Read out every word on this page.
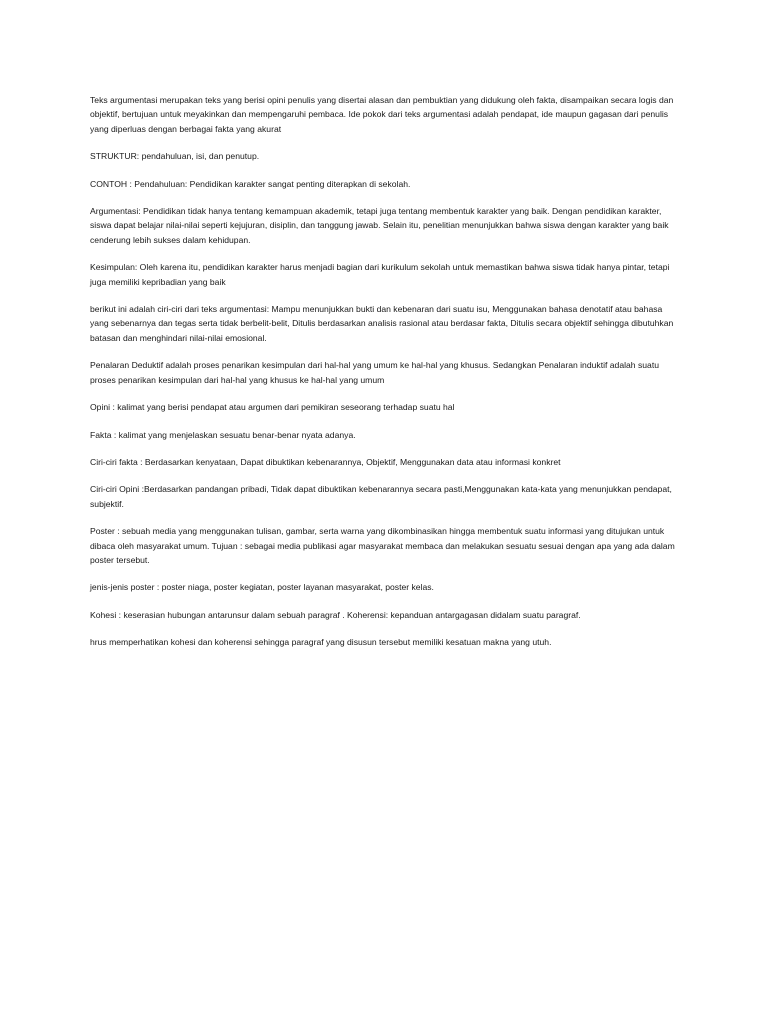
Teks argumentasi merupakan teks yang berisi opini penulis yang disertai alasan dan pembuktian yang didukung oleh fakta, disampaikan secara logis dan objektif, bertujuan untuk meyakinkan dan mempengaruhi pembaca. Ide pokok dari teks argumentasi adalah pendapat, ide maupun gagasan dari penulis yang diperluas dengan berbagai fakta yang akurat

STRUKTUR: pendahuluan, isi, dan penutup.

CONTOH : Pendahuluan: Pendidikan karakter sangat penting diterapkan di sekolah.

Argumentasi: Pendidikan tidak hanya tentang kemampuan akademik, tetapi juga tentang membentuk karakter yang baik. Dengan pendidikan karakter, siswa dapat belajar nilai-nilai seperti kejujuran, disiplin, dan tanggung jawab. Selain itu, penelitian menunjukkan bahwa siswa dengan karakter yang baik cenderung lebih sukses dalam kehidupan.

Kesimpulan: Oleh karena itu, pendidikan karakter harus menjadi bagian dari kurikulum sekolah untuk memastikan bahwa siswa tidak hanya pintar, tetapi juga memiliki kepribadian yang baik

berikut ini adalah ciri-ciri dari teks argumentasi: Mampu menunjukkan bukti dan kebenaran dari suatu isu, Menggunakan bahasa denotatif atau bahasa yang sebenarnya dan tegas serta tidak berbelit-belit, Ditulis berdasarkan analisis rasional atau berdasar fakta, Ditulis secara objektif sehingga dibutuhkan batasan dan menghindari nilai-nilai emosional.

Penalaran Deduktif adalah proses penarikan kesimpulan dari hal-hal yang umum ke hal-hal yang khusus. Sedangkan Penalaran induktif adalah suatu proses penarikan kesimpulan dari hal-hal yang khusus ke hal-hal yang umum

Opini : kalimat yang berisi pendapat atau argumen dari pemikiran seseorang terhadap suatu hal

Fakta : kalimat yang menjelaskan sesuatu benar-benar nyata adanya.

Ciri-ciri fakta : Berdasarkan kenyataan, Dapat dibuktikan kebenarannya, Objektif, Menggunakan data atau informasi konkret

Ciri-ciri Opini :Berdasarkan pandangan pribadi, Tidak dapat dibuktikan kebenarannya secara pasti,Menggunakan kata-kata yang menunjukkan pendapat, subjektif.

Poster : sebuah media yang menggunakan tulisan, gambar, serta warna yang dikombinasikan hingga membentuk suatu informasi yang ditujukan untuk dibaca oleh masyarakat umum. Tujuan : sebagai media publikasi agar masyarakat membaca dan melakukan sesuatu sesuai dengan apa yang ada dalam poster tersebut.

jenis-jenis poster : poster niaga, poster kegiatan, poster layanan masyarakat, poster kelas.

Kohesi : keserasian hubungan antarunsur dalam sebuah paragraf . Koherensi: kepanduan antargagasan didalam suatu paragraf.

hrus memperhatikan kohesi dan koherensi sehingga paragraf yang disusun tersebut memiliki kesatuan makna yang utuh.
